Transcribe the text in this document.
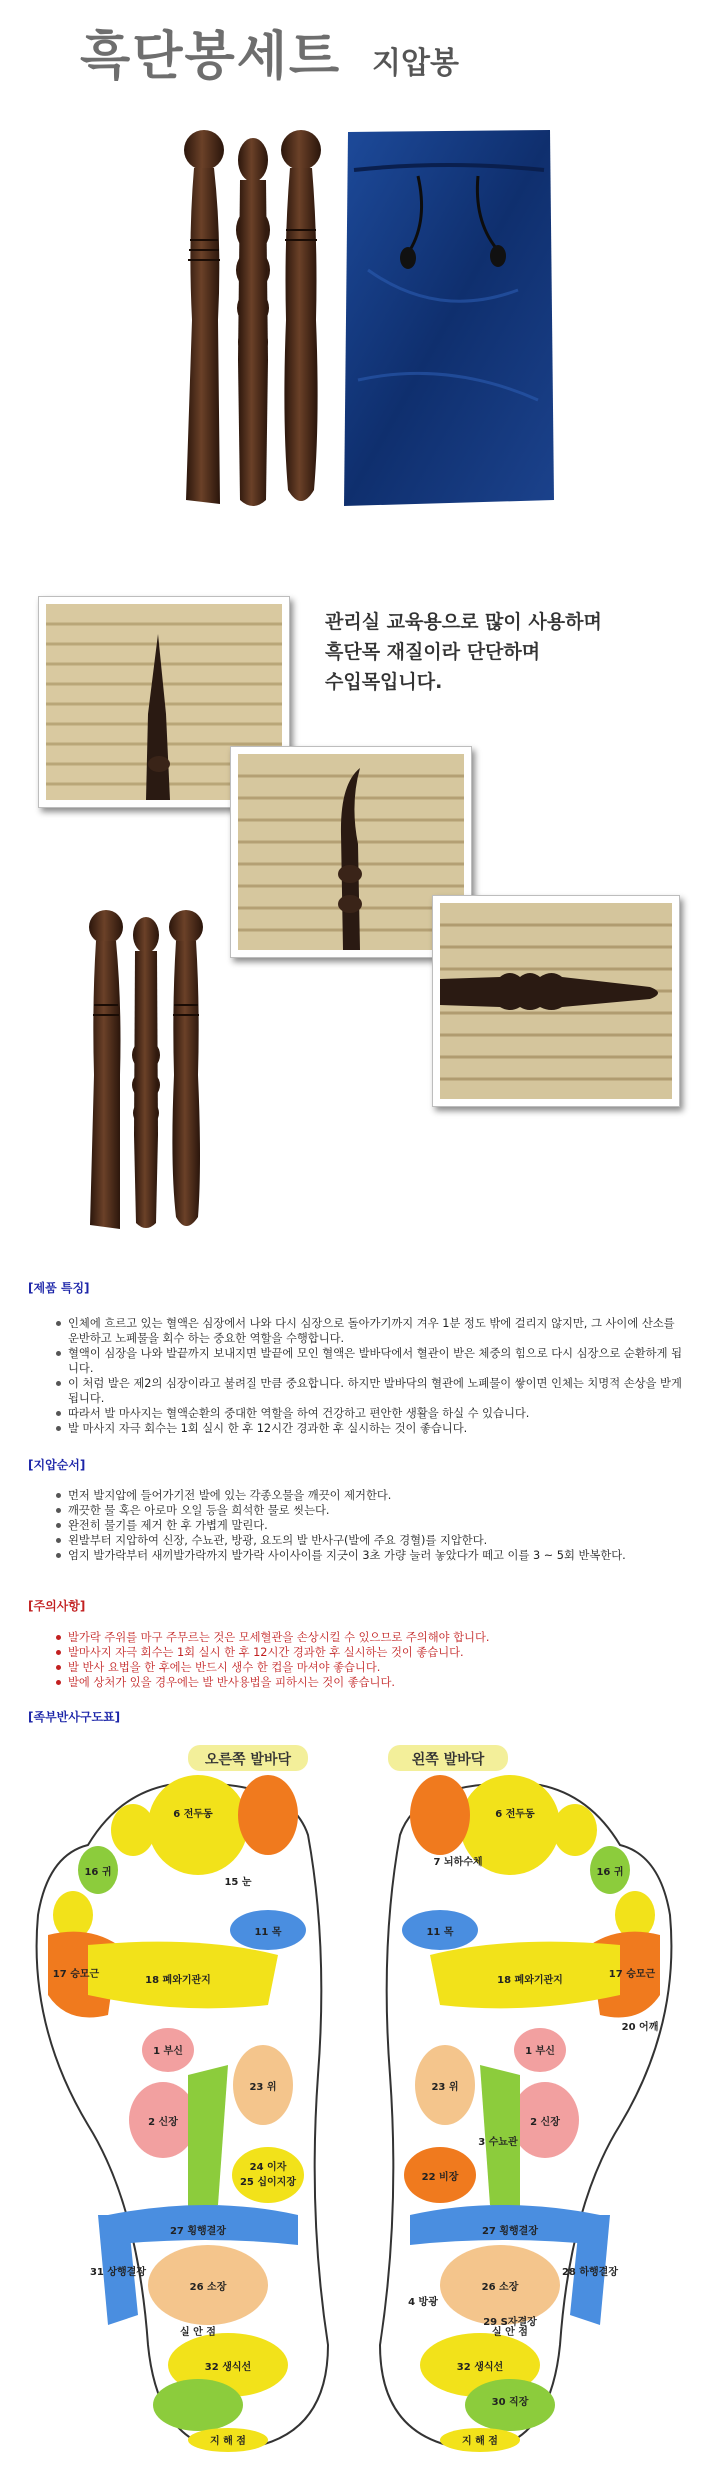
흑단봉세트 지압봉
관리실 교육용으로 많이 사용하며
흑단목 재질이라 단단하며
수입목입니다.
[제품 특징]
인체에 흐르고 있는 혈액은 심장에서 나와 다시 심장으로 돌아가기까지 겨우 1분 정도 밖에 걸리지 않지만, 그 사이에 산소를 운반하고 노폐물을 회수 하는 중요한 역할을 수행합니다.
혈액이 심장을 나와 발끝까지 보내지면 발끝에 모인 혈액은 발바닥에서 혈관이 받은 체중의 힘으로 다시 심장으로 순환하게 됩니다.
이 처럼 발은 제2의 심장이라고 불려질 만큼 중요합니다. 하지만 발바닥의 혈관에 노폐물이 쌓이면 인체는 치명적 손상을 받게 됩니다.
따라서 발 마사지는 혈액순환의 중대한 역할을 하여 건강하고 편안한 생활을 하실 수 있습니다.
발 마사지 자극 회수는 1회 실시 한 후 12시간 경과한 후 실시하는 것이 좋습니다.
[지압순서]
먼저 발지압에 들어가기전 발에 있는 각종오물을 깨끗이 제거한다.
깨끗한 물 혹은 아로마 오일 등을 희석한 물로 씻는다.
완전히 물기를 제거 한 후 가볍게 말린다.
왼발부터 지압하여 신장, 수뇨관, 방광, 요도의 발 반사구(발에 주요 경혈)를 지압한다.
엄지 발가락부터 새끼발가락까지 발가락 사이사이를 지긋이 3초 가량 눌러 놓았다가 떼고 이를 3 ~ 5회 반복한다.
[주의사항]
발가락 주위를 마구 주무르는 것은 모세혈관을 손상시킬 수 있으므로 주의해야 합니다.
발마사지 자극 회수는 1회 실시 한 후 12시간 경과한 후 실시하는 것이 좋습니다.
발 반사 요법을 한 후에는 반드시 생수 한 컵을 마셔야 좋습니다.
발에 상처가 있을 경우에는 발 반사용법을 피하시는 것이 좋습니다.
[족부반사구도표]
오른쪽 발바닥	왼쪽 발바닥
6 전두동
15 눈
16 귀
11 목
17 승모근
18 폐와기관지
1 부신
2 신장
23 위
24 이자
25 십이지장
27 횡행결장
26 소장
31 상행결장
32 생식선
실 안 점
지 해 점
6 전두동
7 뇌하수체
16 귀
11 목
17 승모근
18 폐와기관지
20 어깨
1 부신
2 신장
3 수뇨관
23 위
22 비장
27 횡행결장
28 하행결장
26 소장
4 방광
29 S자결장
32 생식선
30 직장
실 안 점
지 해 점
